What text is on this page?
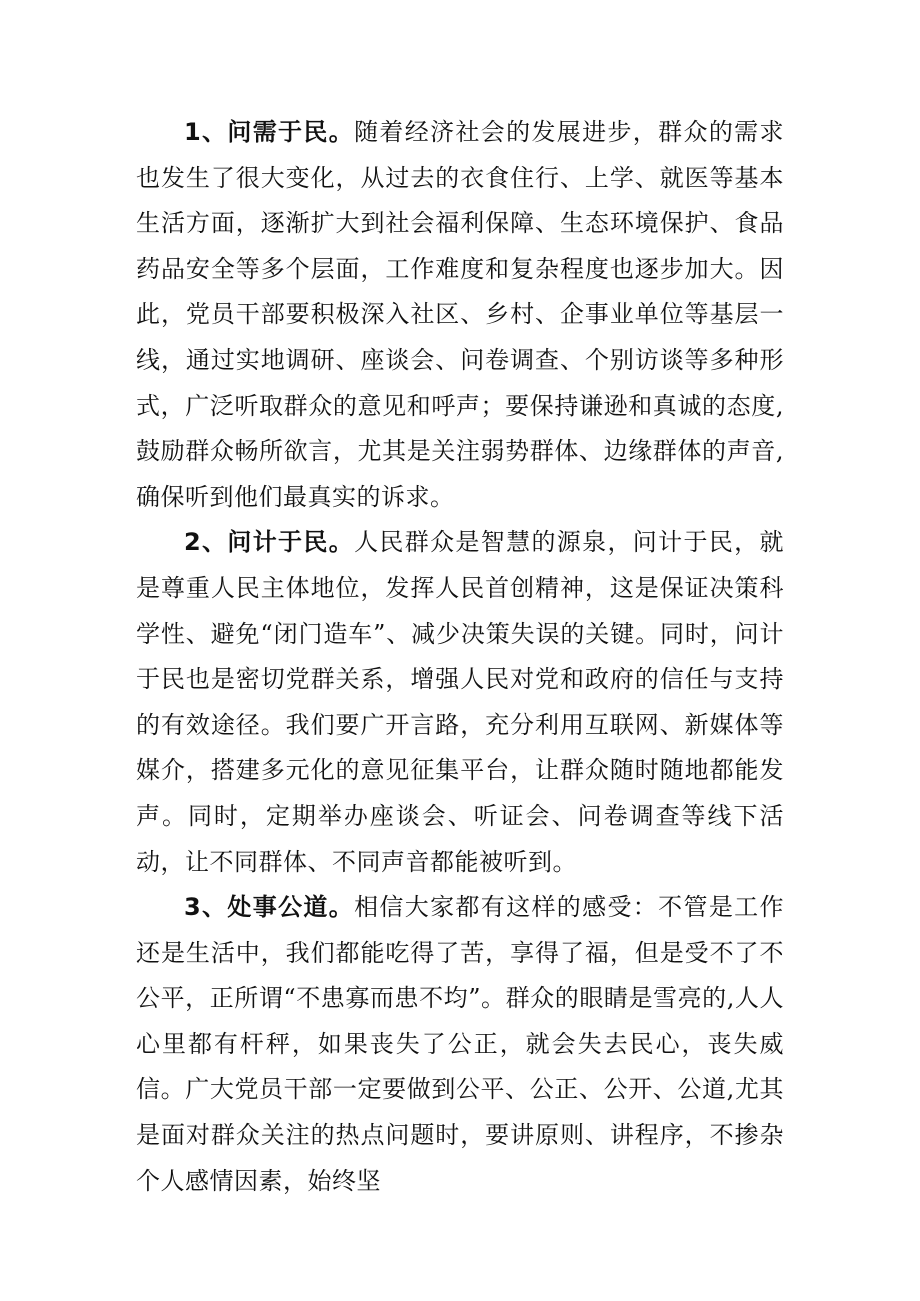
1、问需于民。随着经济社会的发展进步，群众的需求也发生了很大变化，从过去的衣食住行、上学、就医等基本生活方面，逐渐扩大到社会福利保障、生态环境保护、食品药品安全等多个层面，工作难度和复杂程度也逐步加大。因此，党员干部要积极深入社区、乡村、企事业单位等基层一线，通过实地调研、座谈会、问卷调查、个别访谈等多种形式，广泛听取群众的意见和呼声；要保持谦逊和真诚的态度,鼓励群众畅所欲言，尤其是关注弱势群体、边缘群体的声音,确保听到他们最真实的诉求。

2、问计于民。人民群众是智慧的源泉，问计于民，就是尊重人民主体地位，发挥人民首创精神，这是保证决策科学性、避免“闭门造车”、减少决策失误的关键。同时，问计于民也是密切党群关系，增强人民对党和政府的信任与支持的有效途径。我们要广开言路，充分利用互联网、新媒体等媒介，搭建多元化的意见征集平台，让群众随时随地都能发声。同时，定期举办座谈会、听证会、问卷调查等线下活动，让不同群体、不同声音都能被听到。

3、处事公道。相信大家都有这样的感受：不管是工作还是生活中，我们都能吃得了苦，享得了福，但是受不了不公平，正所谓“不患寡而患不均”。群众的眼睛是雪亮的,人人心里都有杆秤，如果丧失了公正，就会失去民心，丧失威信。广大党员干部一定要做到公平、公正、公开、公道,尤其是面对群众关注的热点问题时，要讲原则、讲程序，不掺杂个人感情因素，始终坚
